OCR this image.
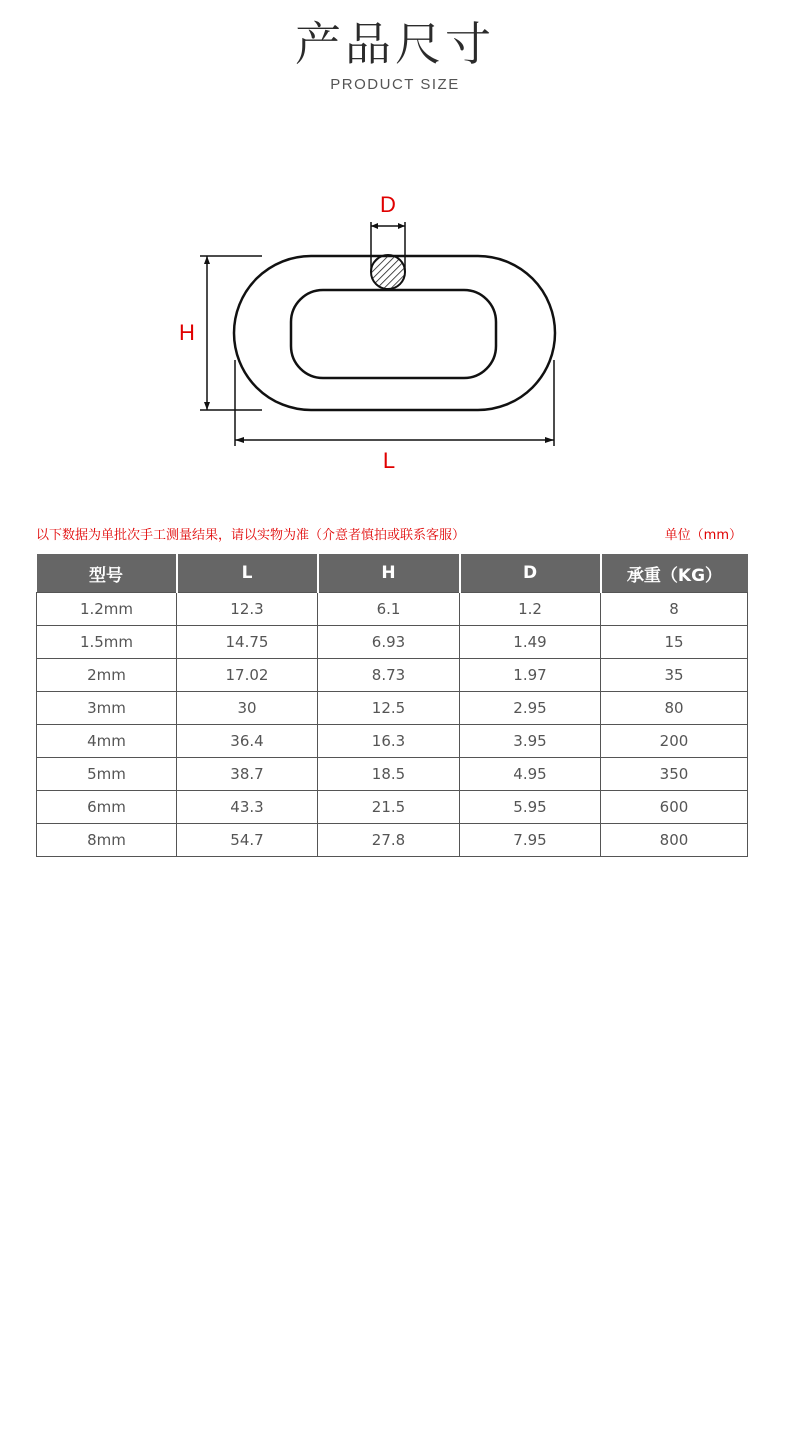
产品尺寸
PRODUCT SIZE
D
H
L
以下数据为单批次手工测量结果，请以实物为准（介意者慎拍或联系客服）	单位（mm）
型号	L	H	D	承重（KG）
1.2mm	12.3	6.1	1.2	8
1.5mm	14.75	6.93	1.49	15
2mm	17.02	8.73	1.97	35
3mm	30	12.5	2.95	80
4mm	36.4	16.3	3.95	200
5mm	38.7	18.5	4.95	350
6mm	43.3	21.5	5.95	600
8mm	54.7	27.8	7.95	800
